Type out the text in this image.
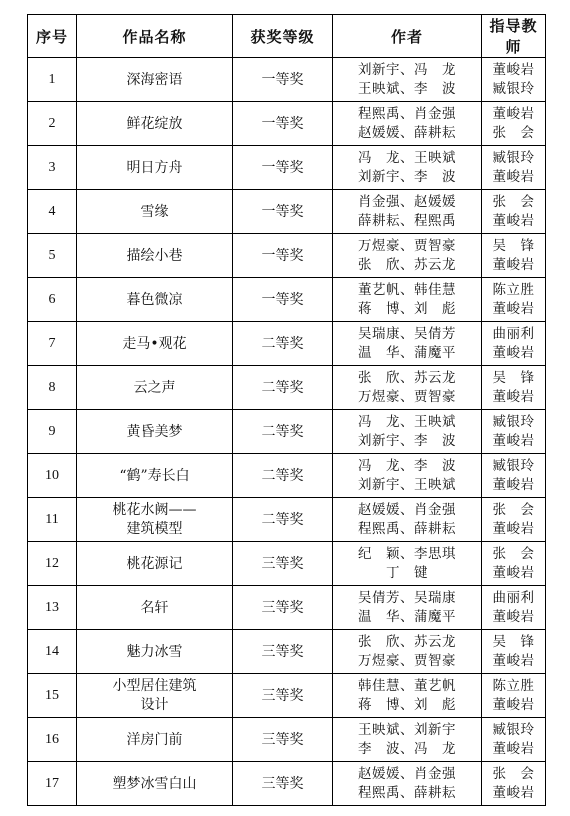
序号	作品名称	获奖等级	作者	指导教师
1	深海密语	一等奖	刘新宇、冯　龙
王映斌、李　波	董峻岩
臧银玲

2	鲜花绽放	一等奖	程熙禹、肖金强
赵媛媛、薛耕耘	董峻岩
张　会

3	明日方舟	一等奖	冯　龙、王映斌
刘新宇、李　波	臧银玲
董峻岩

4	雪缘	一等奖	肖金强、赵媛媛
薛耕耘、程熙禹	张　会
董峻岩

5	描绘小巷	一等奖	万煜豪、贾智豪
张　欣、苏云龙	吴　锋
董峻岩

6	暮色微凉	一等奖	董艺帆、韩佳慧
蒋　博、刘　彪	陈立胜
董峻岩

7	走马•观花	二等奖	吴瑞康、吴倩芳
温　华、蒲魔平	曲丽利
董峻岩

8	云之声	二等奖	张　欣、苏云龙
万煜豪、贾智豪	吴　锋
董峻岩

9	黄昏美梦	二等奖	冯　龙、王映斌
刘新宇、李　波	臧银玲
董峻岩

10	“鹤”寿长白	二等奖	冯　龙、李　波
刘新宇、王映斌	臧银玲
董峻岩

11	桃花水阙——
建筑模型	二等奖	赵媛媛、肖金强
程熙禹、薛耕耘	张　会
董峻岩

12	桃花源记	三等奖	纪　颖、李思琪
丁　键	张　会
董峻岩

13	名轩	三等奖	吴倩芳、吴瑞康
温　华、蒲魔平	曲丽利
董峻岩

14	魅力冰雪	三等奖	张　欣、苏云龙
万煜豪、贾智豪	吴　锋
董峻岩

15	小型居住建筑
设计	三等奖	韩佳慧、董艺帆
蒋　博、刘　彪	陈立胜
董峻岩

16	洋房门前	三等奖	王映斌、刘新宇
李　波、冯　龙	臧银玲
董峻岩

17	塑梦冰雪白山	三等奖	赵媛媛、肖金强
程熙禹、薛耕耘	张　会
董峻岩
